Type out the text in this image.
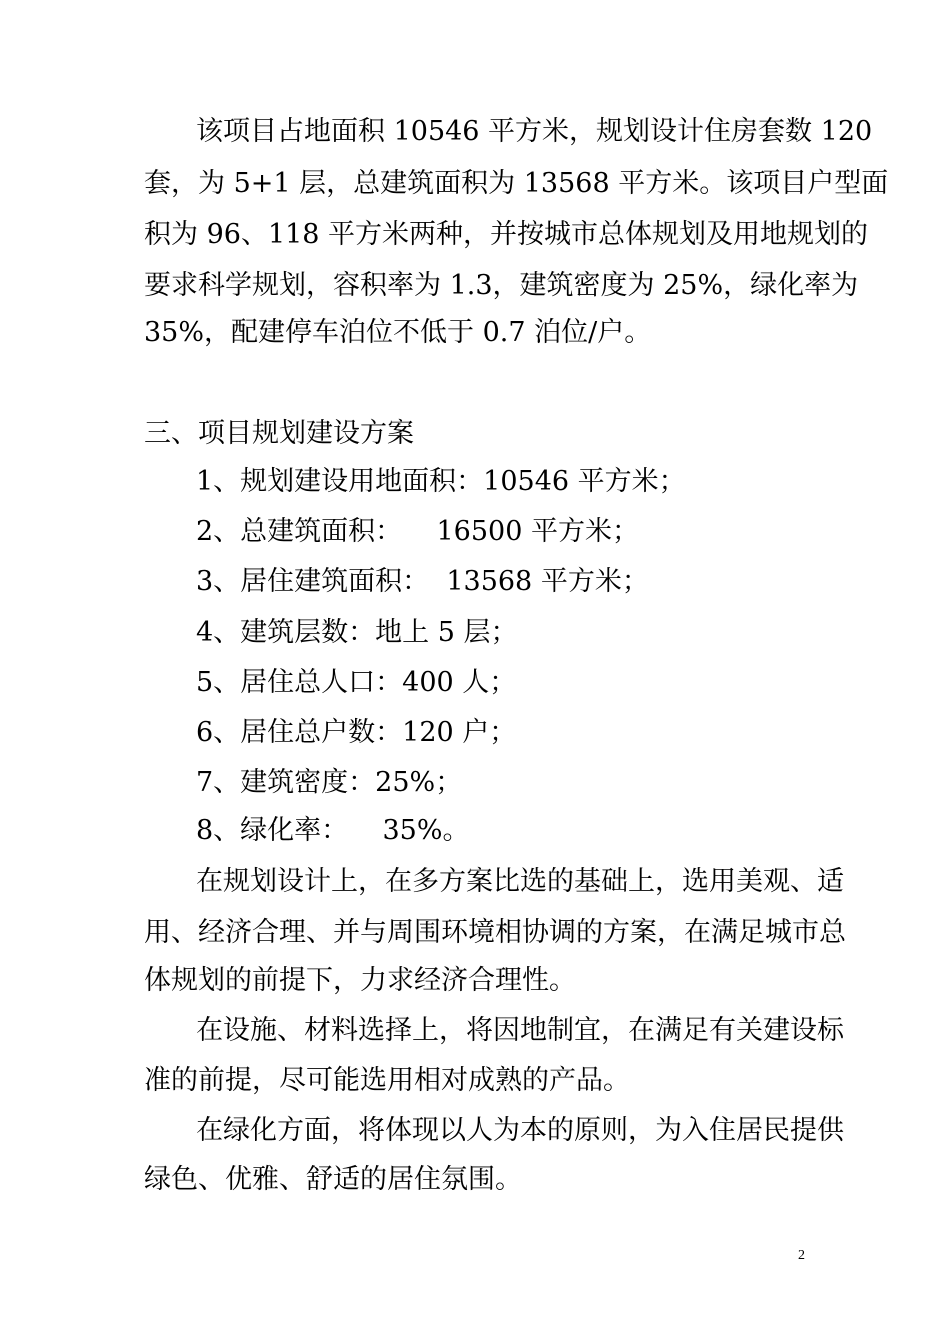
该项目占地面积 10546 平方米，规划设计住房套数 120
套，为 5+1 层，总建筑面积为 13568 平方米。该项目户型面
积为 96、118 平方米两种，并按城市总体规划及用地规划的
要求科学规划，容积率为 1.3，建筑密度为 25%，绿化率为
35%，配建停车泊位不低于 0.7 泊位/户。
三、项目规划建设方案
1、规划建设用地面积：10546 平方米；
2、总建筑面积：    16500 平方米；
3、居住建筑面积：  13568 平方米；
4、建筑层数：地上 5 层；
5、居住总人口：400 人；
6、居住总户数：120 户；
7、建筑密度：25%；
8、绿化率：    35%。
在规划设计上，在多方案比选的基础上，选用美观、适
用、经济合理、并与周围环境相协调的方案，在满足城市总
体规划的前提下，力求经济合理性。
在设施、材料选择上，将因地制宜，在满足有关建设标
准的前提，尽可能选用相对成熟的产品。
在绿化方面，将体现以人为本的原则，为入住居民提供
绿色、优雅、舒适的居住氛围。
2
